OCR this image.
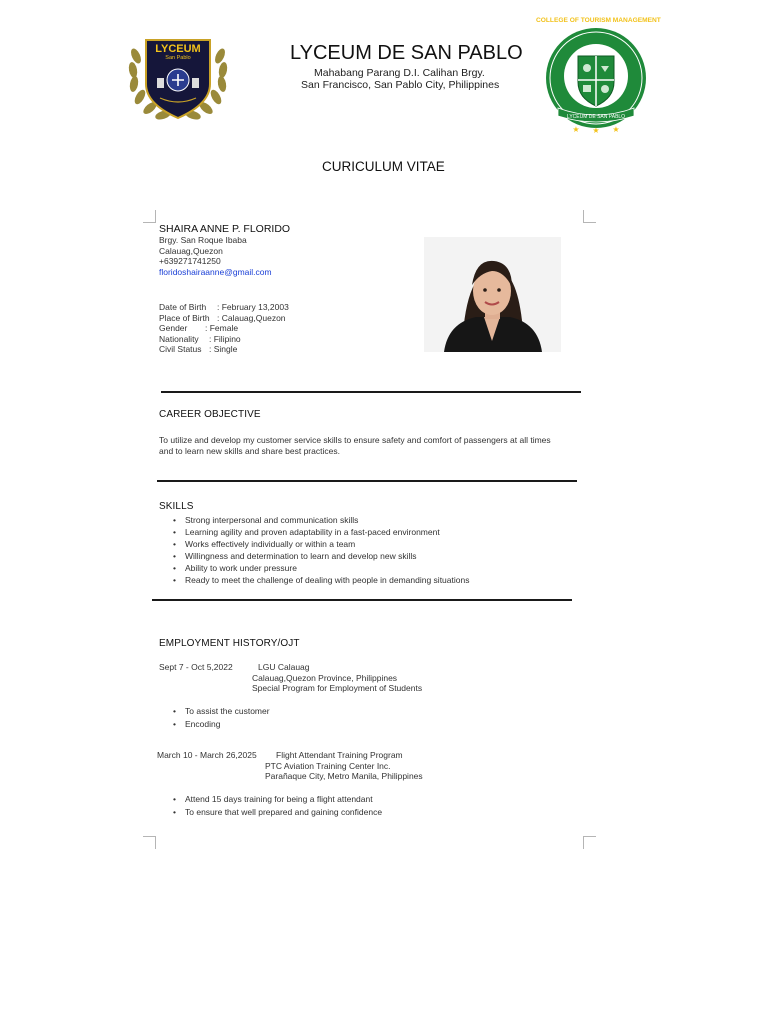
LYCEUM
San Pablo	LYCEUM DE SAN PABLO
Mahabang Parang D.I. Calihan Brgy.
San Francisco, San Pablo City, Philippines
COLLEGE OF TOURISM MANAGEMENT
LYCEUM DE SAN PABLO
★ ★ ★
CURICULUM VITAE
SHAIRA ANNE P. FLORIDO
Brgy. San Roque Ibaba
Calauag,Quezon
+639271741250
floridoshairaanne@gmail.com
Date of Birth	: February 13,2003
Place of Birth : Calauag,Quezon
Gender	: Female
Nationality	: Filipino
Civil Status : Single
CAREER OBJECTIVE
To utilize and develop my customer service skills to ensure safety and comfort of passengers at all times
and to learn new skills and share best practices.
SKILLS
•	Strong interpersonal and communication skills
•	Learning agility and proven adaptability in a fast-paced environment
•	Works effectively individually or within a team
•	Willingness and determination to learn and develop new skills
•	Ability to work under pressure
•	Ready to meet the challenge of dealing with people in demanding situations
EMPLOYMENT HISTORY/OJT
Sept 7 - Oct 5,2022	LGU Calauag
Calauag,Quezon Province, Philippines
Special Program for Employment of Students
•	To assist the customer
•	Encoding
March 10 - March 26,2025	Flight Attendant Training Program
PTC Aviation Training Center Inc.
Parañaque City, Metro Manila, Philippines
•	Attend 15 days training for being a flight attendant
•	To ensure that well prepared and gaining confidence
